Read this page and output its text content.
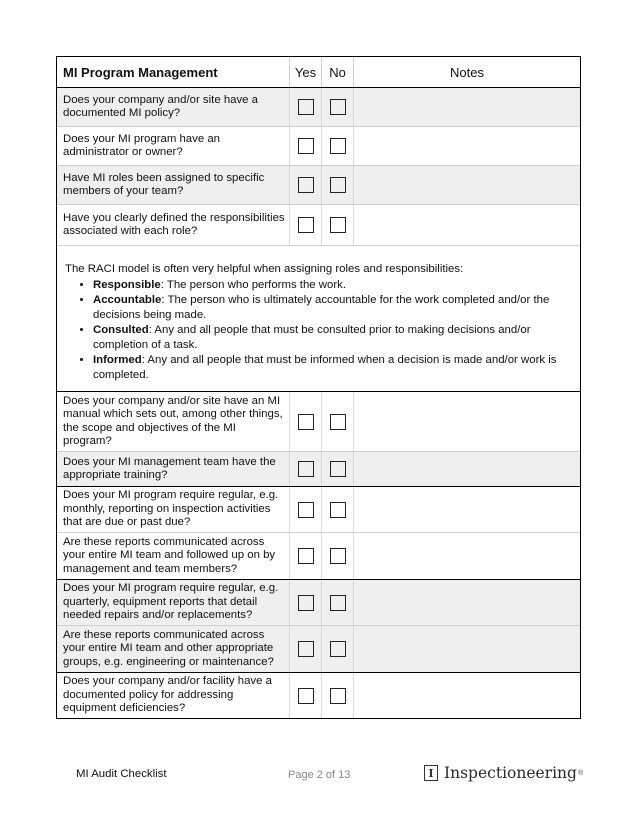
MI Program Management	Yes	No	Notes
Does your company and/or site have a documented MI policy?
Does your MI program have an administrator or owner?
Have MI roles been assigned to specific members of your team?
Have you clearly defined the responsibilities associated with each role?
The RACI model is often very helpful when assigning roles and responsibilities:
• Responsible: The person who performs the work.
• Accountable: The person who is ultimately accountable for the work completed and/or the decisions being made.
• Consulted: Any and all people that must be consulted prior to making decisions and/or completion of a task.
• Informed: Any and all people that must be informed when a decision is made and/or work is completed.
Does your company and/or site have an MI manual which sets out, among other things, the scope and objectives of the MI program?
Does your MI management team have the appropriate training?
Does your MI program require regular, e.g. monthly, reporting on inspection activities that are due or past due?
Are these reports communicated across your entire MI team and followed up on by management and team members?
Does your MI program require regular, e.g. quarterly, equipment reports that detail needed repairs and/or replacements?
Are these reports communicated across your entire MI team and other appropriate groups, e.g. engineering or maintenance?
Does your company and/or facility have a documented policy for addressing equipment deficiencies?
MI Audit Checklist	Page 2 of 13	I Inspectioneering ®
